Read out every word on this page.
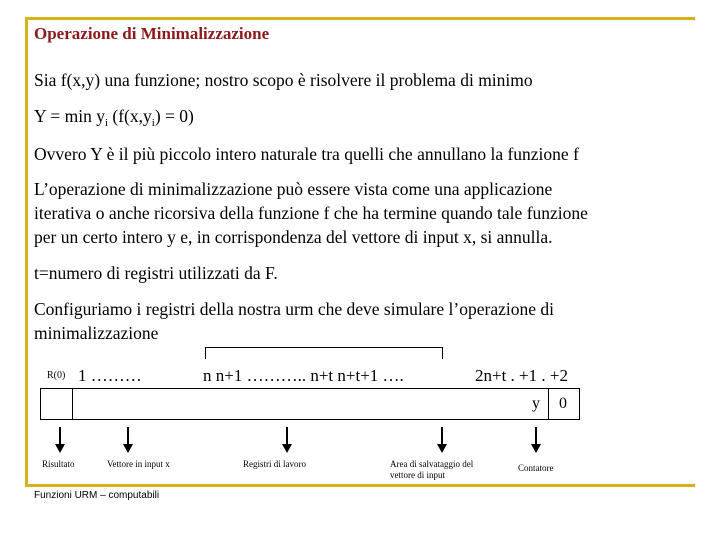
Operazione di Minimalizzazione
Sia f(x,y) una funzione; nostro scopo è risolvere il problema di minimo
$Y = \min y_i$ $(f(x,y_i) = 0)$
Ovvero Y è il più piccolo intero naturale tra quelli che annullano la funzione f
L’operazione di minimalizzazione può essere vista come una applicazione
iterativa o anche ricorsiva della funzione f che ha termine quando tale funzione
per un certo intero y e, in corrispondenza del vettore di input x, si annulla.
t=numero di registri utilizzati da F.
Configuriamo i registri della nostra urm che deve simulare l’operazione di
minimalizzazione
R(0) 1 ………	n n+1 ……….. n+t n+t+1 ….	2n+t . +1 . +2
y 0
Risultato	Vettore in input x	Registri di lavoro	Area di salvataggio del vettore di input
Contatore
Funzioni URM – computabili
